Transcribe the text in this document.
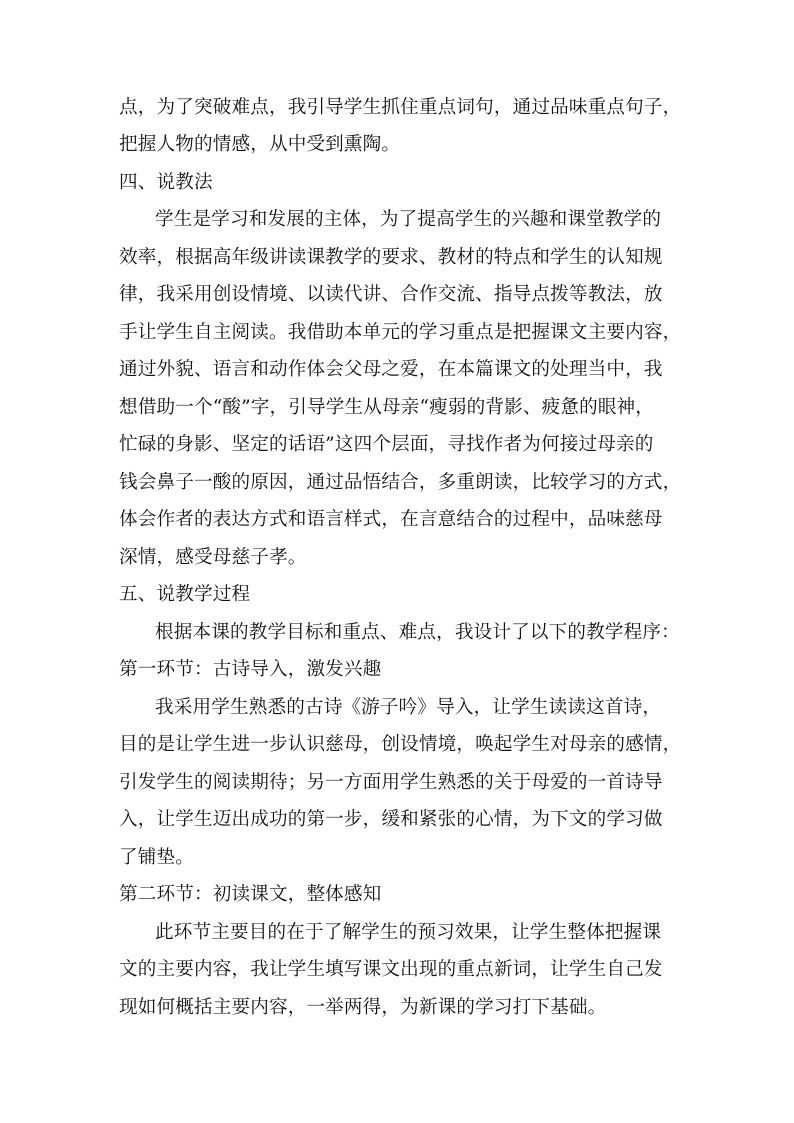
点，为了突破难点，我引导学生抓住重点词句，通过品味重点句子，
把握人物的情感，从中受到熏陶。
四、说教法
学生是学习和发展的主体，为了提高学生的兴趣和课堂教学的
效率，根据高年级讲读课教学的要求、教材的特点和学生的认知规
律，我采用创设情境、以读代讲、合作交流、指导点拨等教法，放
手让学生自主阅读。我借助本单元的学习重点是把握课文主要内容，
通过外貌、语言和动作体会父母之爱，在本篇课文的处理当中，我
想借助一个“酸”字，引导学生从母亲“瘦弱的背影、疲惫的眼神，
忙碌的身影、坚定的话语”这四个层面，寻找作者为何接过母亲的
钱会鼻子一酸的原因，通过品悟结合，多重朗读，比较学习的方式，
体会作者的表达方式和语言样式，在言意结合的过程中，品味慈母
深情，感受母慈子孝。
五、说教学过程
根据本课的教学目标和重点、难点，我设计了以下的教学程序：
第一环节：古诗导入，激发兴趣
我采用学生熟悉的古诗《游子吟》导入，让学生读读这首诗，
目的是让学生进一步认识慈母，创设情境，唤起学生对母亲的感情，
引发学生的阅读期待；另一方面用学生熟悉的关于母爱的一首诗导
入，让学生迈出成功的第一步，缓和紧张的心情，为下文的学习做
了铺垫。
第二环节：初读课文，整体感知
此环节主要目的在于了解学生的预习效果，让学生整体把握课
文的主要内容，我让学生填写课文出现的重点新词，让学生自己发
现如何概括主要内容，一举两得，为新课的学习打下基础。
